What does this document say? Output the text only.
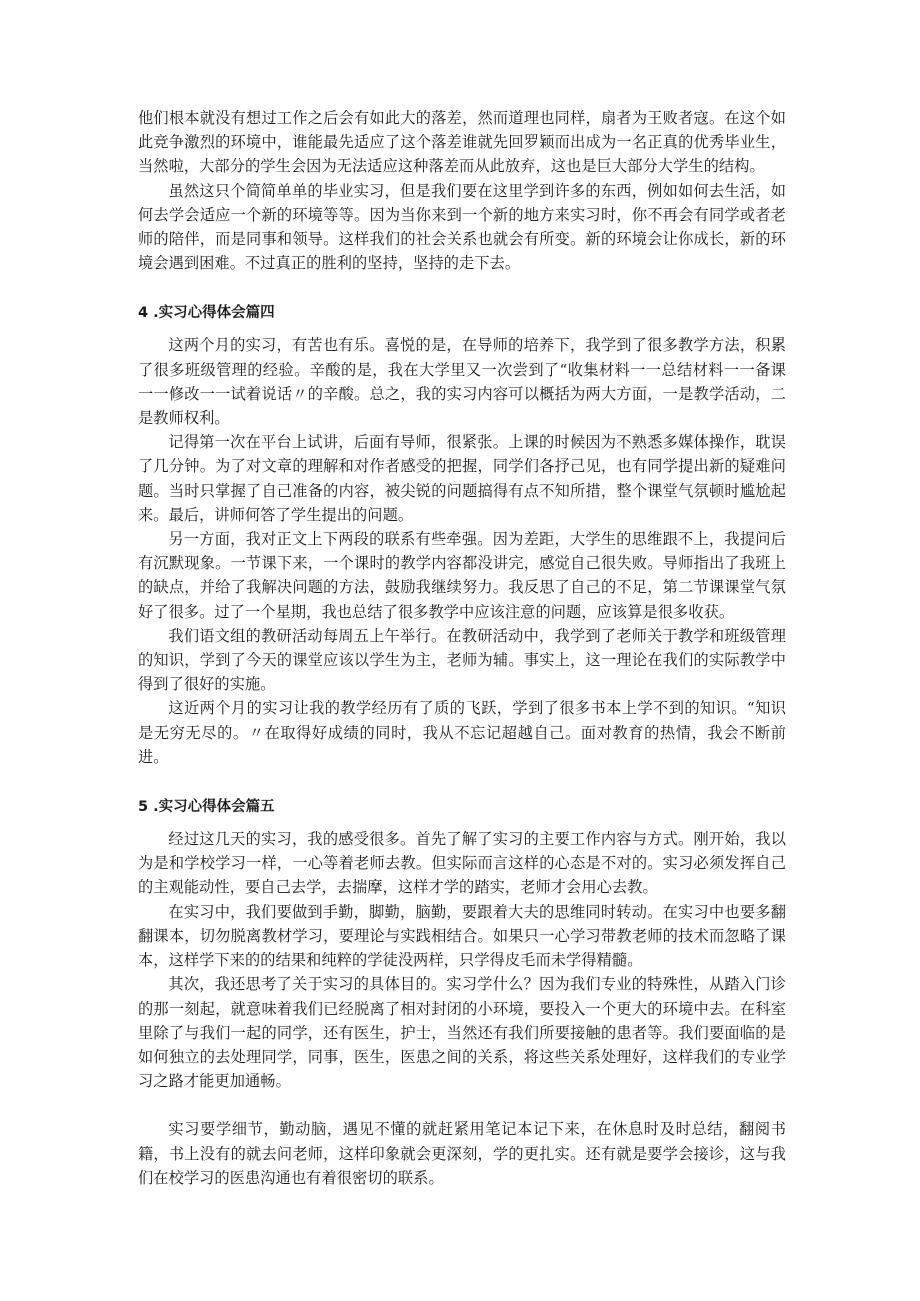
他们根本就没有想过工作之后会有如此大的落差，然而道理也同样，扇者为王败者寇。在这个如此竞争激烈的环境中，谁能最先适应了这个落差谁就先回罗颖而出成为一名正真的优秀毕业生，当然啦，大部分的学生会因为无法适应这种落差而从此放弃，这也是巨大部分大学生的结构。

虽然这只个简简单单的毕业实习，但是我们要在这里学到许多的东西，例如如何去生活，如何去学会适应一个新的环境等等。因为当你来到一个新的地方来实习时，你不再会有同学或者老师的陪伴，而是同事和领导。这样我们的社会关系也就会有所变。新的环境会让你成长，新的环境会遇到困难。不过真正的胜利的坚持，坚持的走下去。

4 .实习心得体会篇四

这两个月的实习，有苦也有乐。喜悦的是，在导师的培养下，我学到了很多教学方法，积累了很多班级管理的经验。辛酸的是，我在大学里又一次尝到了“收集材料一一总结材料一一备课一一修改一一试着说话〃的辛酸。总之，我的实习内容可以概括为两大方面，一是教学活动，二是教师权利。

记得第一次在平台上试讲，后面有导师，很紧张。上课的时候因为不熟悉多媒体操作，耽误了几分钟。为了对文章的理解和对作者感受的把握，同学们各抒己见，也有同学提出新的疑难问题。当时只掌握了自己准备的内容，被尖锐的问题搞得有点不知所措，整个课堂气氛顿时尴尬起来。最后，讲师何答了学生提出的问题。

另一方面，我对正文上下两段的联系有些牵强。因为差距，大学生的思维跟不上，我提问后有沉默现象。一节课下来，一个课时的教学内容都没讲完，感觉自己很失败。导师指出了我班上的缺点，并给了我解决问题的方法，鼓励我继续努力。我反思了自己的不足，第二节课课堂气氛好了很多。过了一个星期，我也总结了很多教学中应该注意的问题，应该算是很多收获。

我们语文组的教研活动每周五上午举行。在教研活动中，我学到了老师关于教学和班级管理的知识，学到了今天的课堂应该以学生为主，老师为辅。事实上，这一理论在我们的实际教学中得到了很好的实施。

这近两个月的实习让我的教学经历有了质的飞跃，学到了很多书本上学不到的知识。“知识是无穷无尽的。〃在取得好成绩的同时，我从不忘记超越自己。面对教育的热情，我会不断前进。

5 .实习心得体会篇五

经过这几天的实习，我的感受很多。首先了解了实习的主要工作内容与方式。刚开始，我以为是和学校学习一样，一心等着老师去教。但实际而言这样的心态是不对的。实习必须发挥自己的主观能动性，要自己去学，去揣摩，这样才学的踏实，老师才会用心去教。

在实习中，我们要做到手勤，脚勤，脑勤，要跟着大夫的思维同时转动。在实习中也要多翻翻课本，切勿脱离教材学习，要理论与实践相结合。如果只一心学习带教老师的技术而忽略了课本，这样学下来的的结果和纯粹的学徒没两样，只学得皮毛而未学得精髓。

其次，我还思考了关于实习的具体目的。实习学什么？因为我们专业的特殊性，从踏入门诊的那一刻起，就意味着我们已经脱离了相对封闭的小环境，要投入一个更大的环境中去。在科室里除了与我们一起的同学，还有医生，护士，当然还有我们所要接触的患者等。我们要面临的是如何独立的去处理同学，同事，医生，医患之间的关系，将这些关系处理好，这样我们的专业学习之路才能更加通畅。

实习要学细节，勤动脑，遇见不懂的就赶紧用笔记本记下来，在休息时及时总结，翻阅书籍，书上没有的就去问老师，这样印象就会更深刻，学的更扎实。还有就是要学会接诊，这与我们在校学习的医患沟通也有着很密切的联系。
